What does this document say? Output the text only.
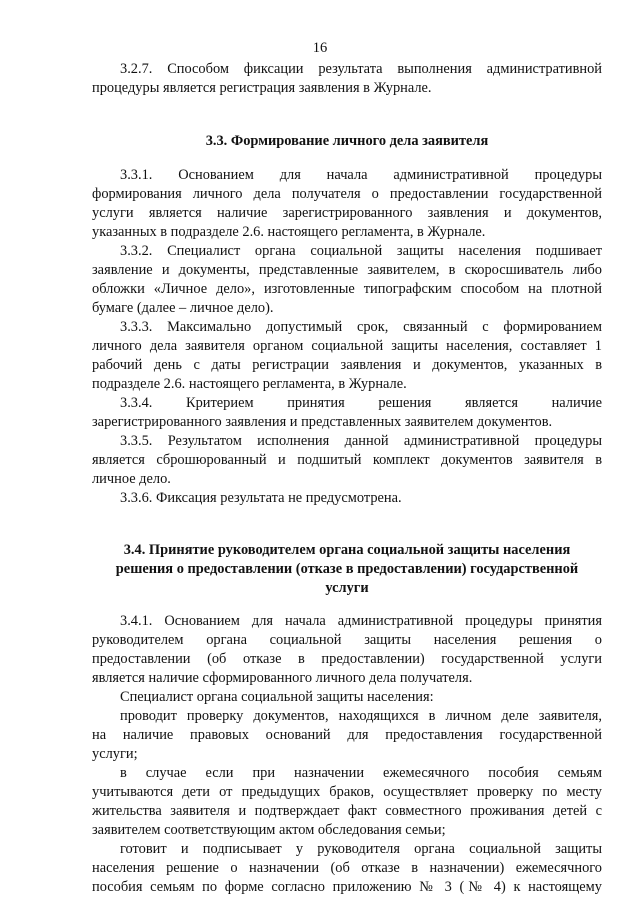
16
3.2.7. Способом фиксации результата выполнения административной
процедуры является регистрация заявления в Журнале.
3.3. Формирование личного дела заявителя
3.3.1. Основанием для начала административной процедуры
формирования личного дела получателя о предоставлении государственной
услуги является наличие зарегистрированного заявления и документов,
указанных в подразделе 2.6. настоящего регламента, в Журнале.
3.3.2. Специалист органа социальной защиты населения подшивает
заявление и документы, представленные заявителем, в скоросшиватель либо
обложки «Личное дело», изготовленные типографским способом на плотной
бумаге (далее – личное дело).
3.3.3. Максимально допустимый срок, связанный с формированием
личного дела заявителя органом социальной защиты населения, составляет 1
рабочий день с даты регистрации заявления и документов, указанных в
подразделе 2.6. настоящего регламента, в Журнале.
3.3.4. Критерием принятия решения является наличие
зарегистрированного заявления и представленных заявителем документов.
3.3.5. Результатом исполнения данной административной процедуры
является сброшюрованный и подшитый комплект документов заявителя в
личное дело.
3.3.6. Фиксация результата не предусмотрена.
3.4. Принятие руководителем органа социальной защиты населения
решения о предоставлении (отказе в предоставлении) государственной
услуги
3.4.1. Основанием для начала административной процедуры принятия
руководителем органа социальной защиты населения решения о
предоставлении (об отказе в предоставлении) государственной услуги
является наличие сформированного личного дела получателя.
Специалист органа социальной защиты населения:
проводит проверку документов, находящихся в личном деле заявителя,
на наличие правовых оснований для предоставления государственной
услуги;
в случае если при назначении ежемесячного пособия семьям
учитываются дети от предыдущих браков, осуществляет проверку по месту
жительства заявителя и подтверждает факт совместного проживания детей с
заявителем соответствующим актом обследования семьи;
готовит и подписывает у руководителя органа социальной защиты
населения решение о назначении (об отказе в назначении) ежемесячного
пособия семьям по форме согласно приложению № 3 (№ 4) к настоящему
